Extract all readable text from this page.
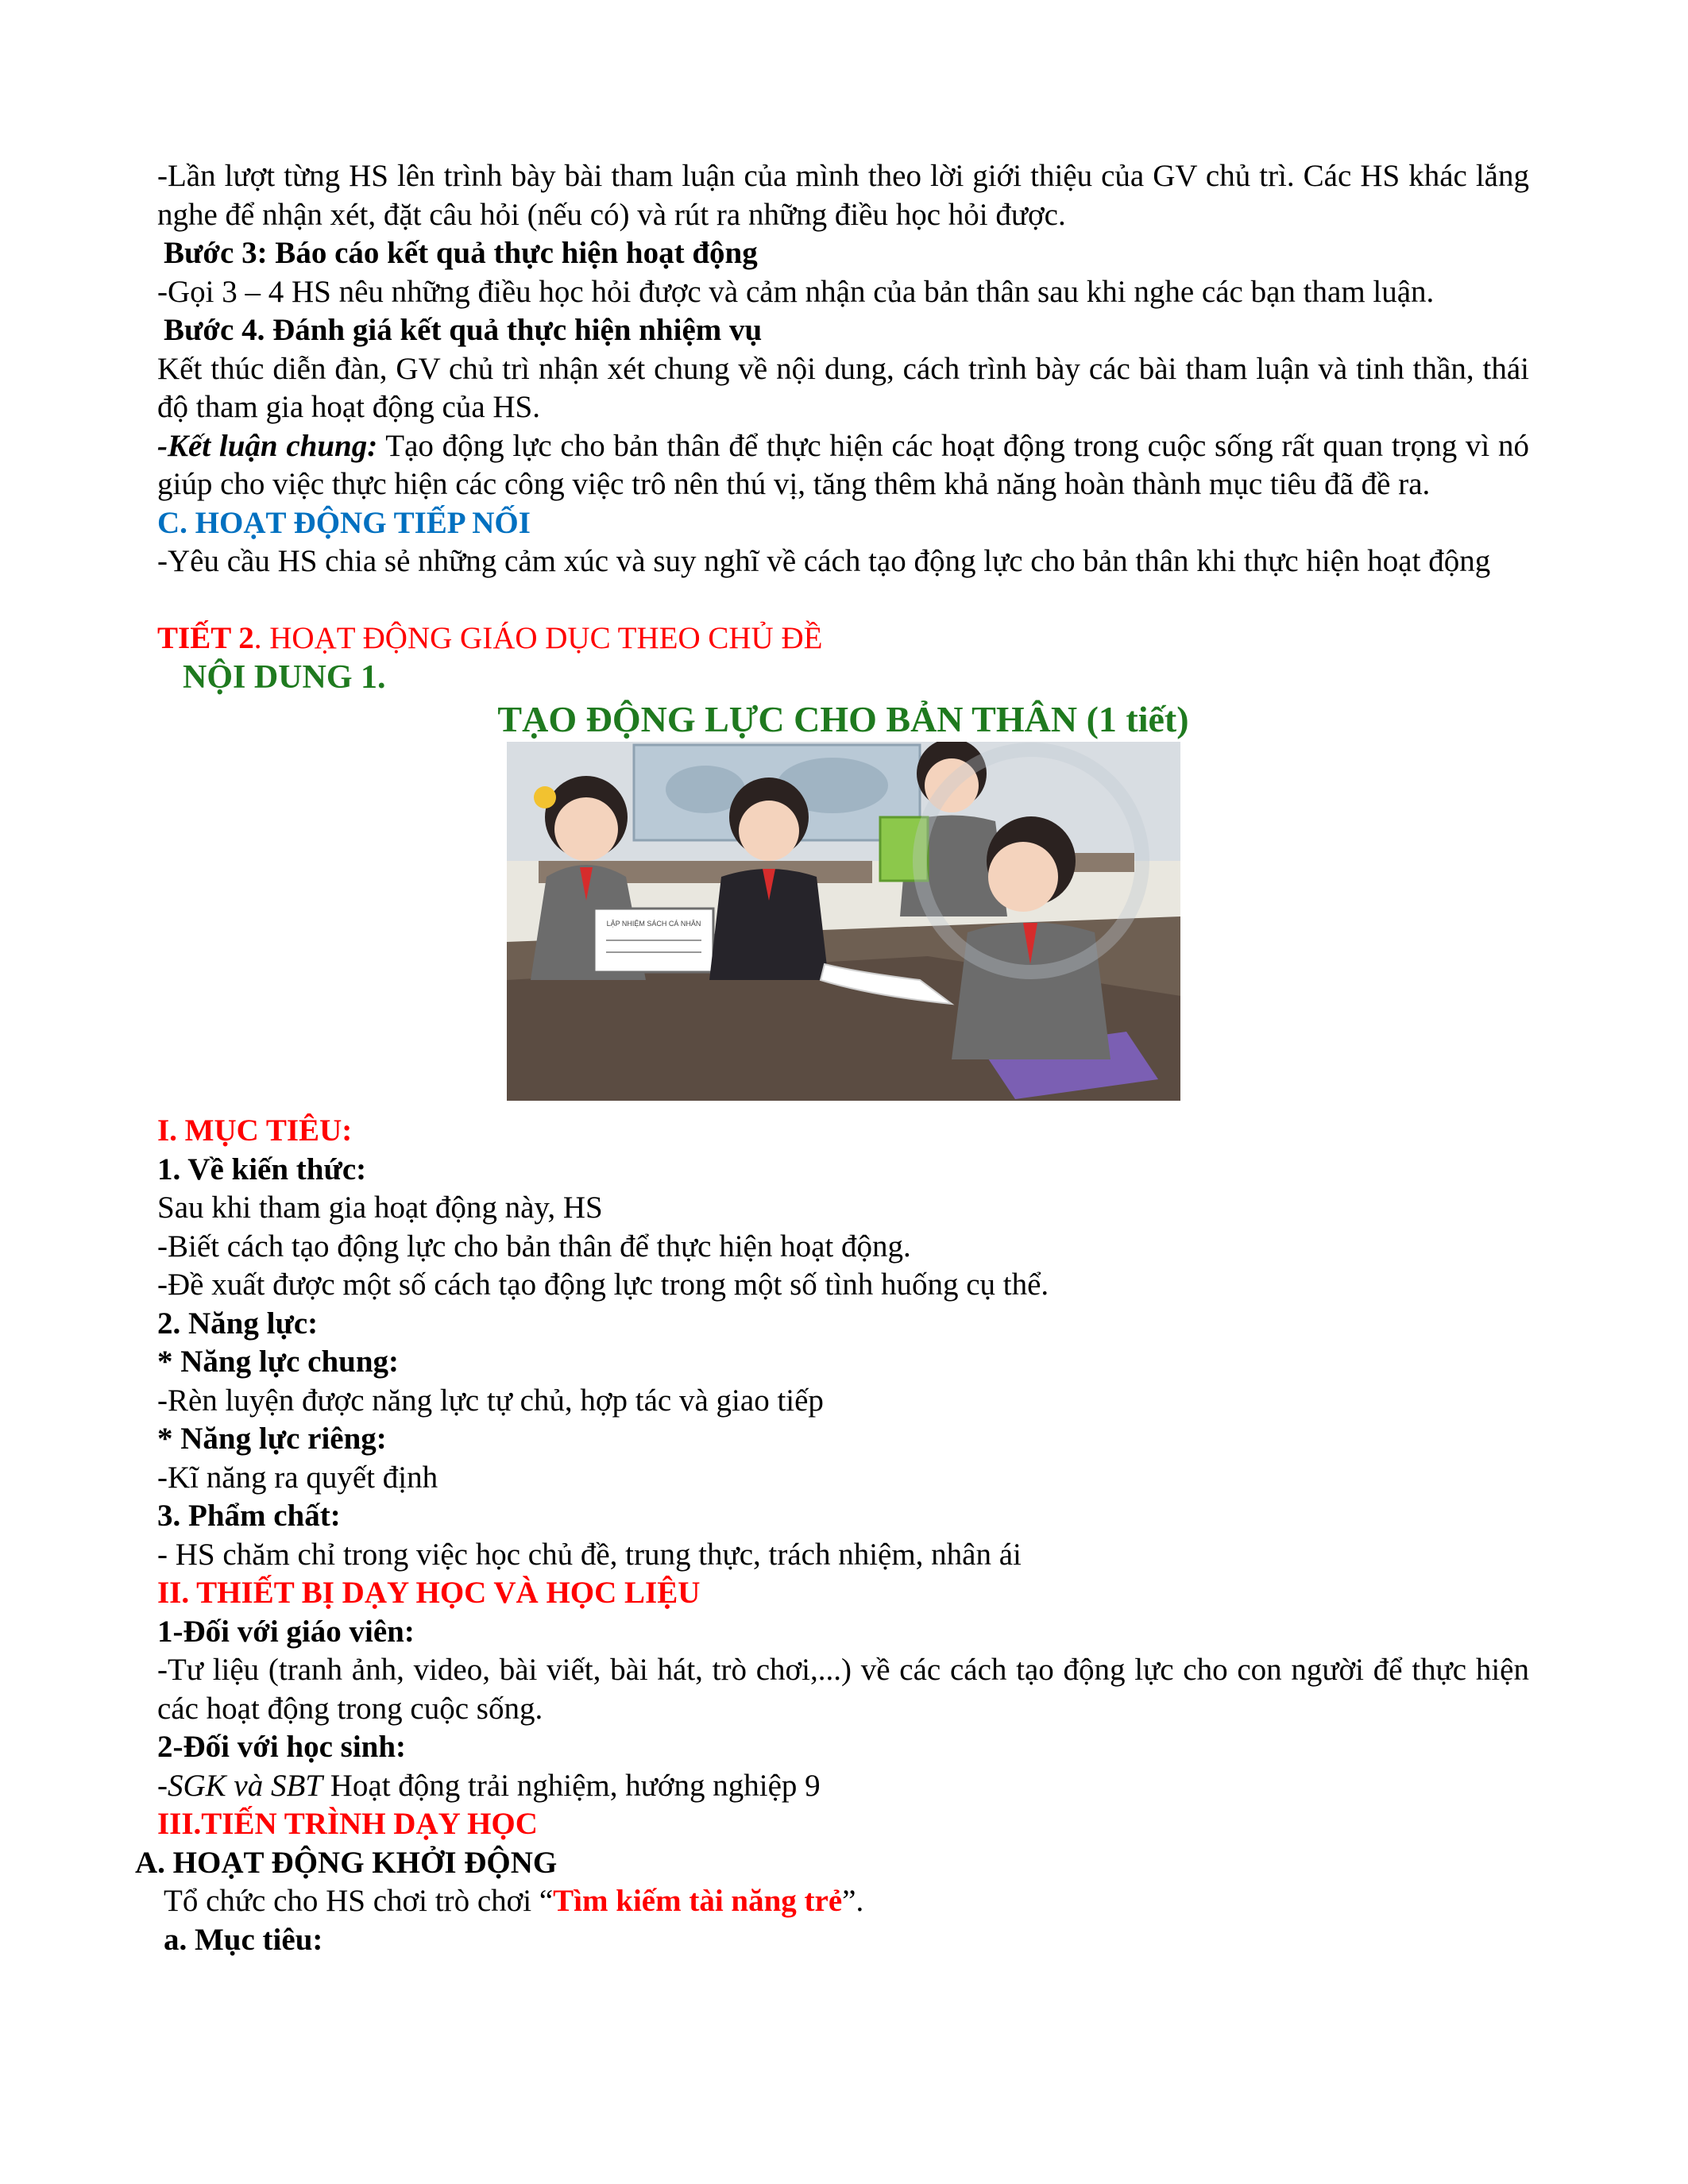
-Lần lượt từng HS lên trình bày bài tham luận của mình theo lời giới thiệu của GV chủ trì. Các HS khác lắng nghe để nhận xét, đặt câu hỏi (nếu có) và rút ra những điều học hỏi được.

Bước 3: Báo cáo kết quả thực hiện hoạt động

-Gọi 3 – 4 HS nêu những điều học hỏi được và cảm nhận của bản thân sau khi nghe các bạn tham luận.

Bước 4. Đánh giá kết quả thực hiện nhiệm vụ

Kết thúc diễn đàn, GV chủ trì nhận xét chung về nội dung, cách trình bày các bài tham luận và tinh thần, thái độ tham gia hoạt động của HS.

-Kết luận chung: Tạo động lực cho bản thân để thực hiện các hoạt động trong cuộc sống rất quan trọng vì nó giúp cho việc thực hiện các công việc trô nên thú vị, tăng thêm khả năng hoàn thành mục tiêu đã đề ra.

C. HOẠT ĐỘNG TIẾP NỐI

-Yêu cầu HS chia sẻ những cảm xúc và suy nghĩ về cách tạo động lực cho bản thân khi thực hiện hoạt động

TIẾT 2. HOẠT ĐỘNG GIÁO DỤC THEO CHỦ ĐỀ

NỘI DUNG 1.

TẠO ĐỘNG LỰC CHO BẢN THÂN (1 tiết)

LẬP NHIỆM SÁCH CÁ NHÂN

I. MỤC TIÊU:

1. Về kiến thức:

Sau khi tham gia hoạt động này, HS

-Biết cách tạo động lực cho bản thân để thực hiện hoạt động.

-Đề xuất được một số cách tạo động lực trong một số tình huống cụ thể.

2. Năng lực:

* Năng lực chung:

-Rèn luyện được năng lực tự chủ, hợp tác và giao tiếp

* Năng lực riêng:

-Kĩ năng ra quyết định

3. Phẩm chất:

- HS chăm chỉ trong việc học chủ đề, trung thực, trách nhiệm, nhân ái

II. THIẾT BỊ DẠY HỌC VÀ HỌC LIỆU

1-Đối với giáo viên:

-Tư liệu (tranh ảnh, video, bài viết, bài hát, trò chơi,...) về các cách tạo động lực cho con người để thực hiện các hoạt động trong cuộc sống.

2-Đối với học sinh:

-SGK và SBT Hoạt động trải nghiệm, hướng nghiệp 9

III.TIẾN TRÌNH DẠY HỌC

A. HOẠT ĐỘNG KHỞI ĐỘNG

Tổ chức cho HS chơi trò chơi “Tìm kiếm tài năng trẻ”.

a. Mục tiêu:
